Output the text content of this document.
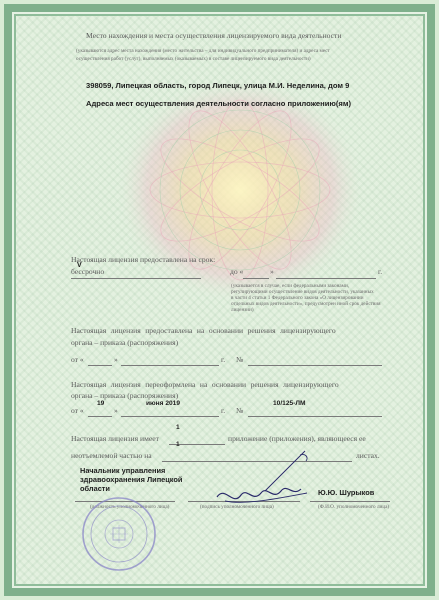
Место нахождения и места осуществления лицензируемого вида деятельности
(указываются адрес места нахождения (место жительства – для индивидуального предпринимателя) и адреса мест
осуществления работ (услуг), выполняемых (оказываемых) в составе лицензируемого вида деятельности)
398059, Липецкая область, город Липецк, улица М.И. Неделина, дом 9
Адреса мест осуществления деятельности согласно приложению(ям)
Настоящая лицензия предоставлена на срок:
V
бессрочно	до «	»	г.
(указывается в случае, если федеральными законами,
регулирующими осуществление видов деятельности, указанных
в части 4 статьи 1 Федерального закона «О лицензировании
отдельных видов деятельности», предусмотрен иной срок действия
лицензии)
Настоящая лицензия предоставлена на основании решения лицензирующего
органа – приказа (распоряжения)
от «	»	г. №
Настоящая лицензия переоформлена на основании решения лицензирующего
органа – приказа (распоряжения)
19	июня 2019	10/125-ЛМ
от «	»	г. №
1
Настоящая лицензия имеет	приложение (приложения), являющееся ее
1
неотъемлемой частью на	листах.
Начальник управления
здравоохранения Липецкой
области	Ю.Ю. Шурыков
(должность уполномоченного лица)	(подпись уполномоченного лица)	(Ф.И.О. уполномоченного лица)
